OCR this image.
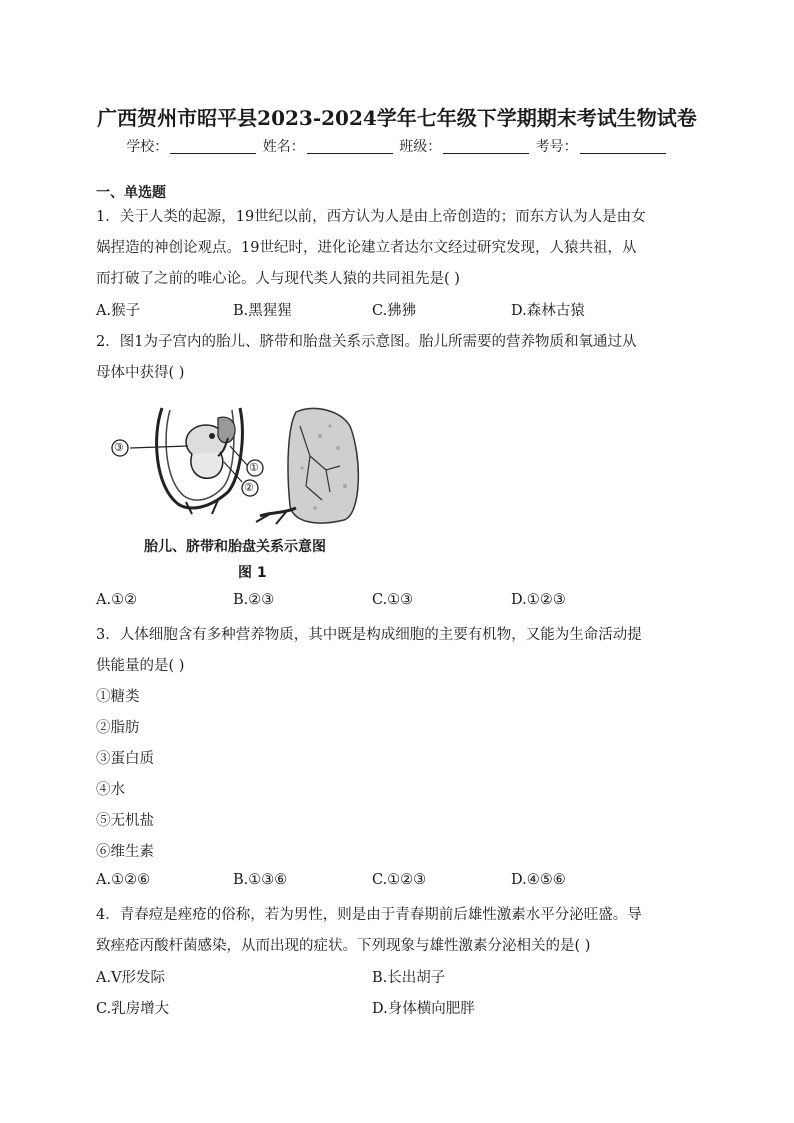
广西贺州市昭平县2023-2024学年七年级下学期期末考试生物试卷
学校：	姓名：	班级：	考号：
一、单选题
1．关于人类的起源，19世纪以前，西方认为人是由上帝创造的；而东方认为人是由女
娲捏造的神创论观点。19世纪时，进化论建立者达尔文经过研究发现，人猿共祖，从
而打破了之前的唯心论。人与现代类人猿的共同祖先是( )
A.猴子	B.黑猩猩	C.狒狒	D.森林古猿
2．图1为子宫内的胎儿、脐带和胎盘关系示意图。胎儿所需要的营养物质和氧通过从
母体中获得( )
③
①
②
胎儿、脐带和胎盘关系示意图
图 1
A.①②	B.②③	C.①③	D.①②③
3．人体细胞含有多种营养物质，其中既是构成细胞的主要有机物，又能为生命活动提
供能量的是( )
①糖类
②脂肪
③蛋白质
④水
⑤无机盐
⑥维生素
A.①②⑥	B.①③⑥	C.①②③	D.④⑤⑥
4．青春痘是痤疮的俗称，若为男性，则是由于青春期前后雄性激素水平分泌旺盛。导
致痤疮丙酸杆菌感染，从而出现的症状。下列现象与雄性激素分泌相关的是( )
A.V形发际	B.长出胡子
C.乳房增大	D.身体横向肥胖
